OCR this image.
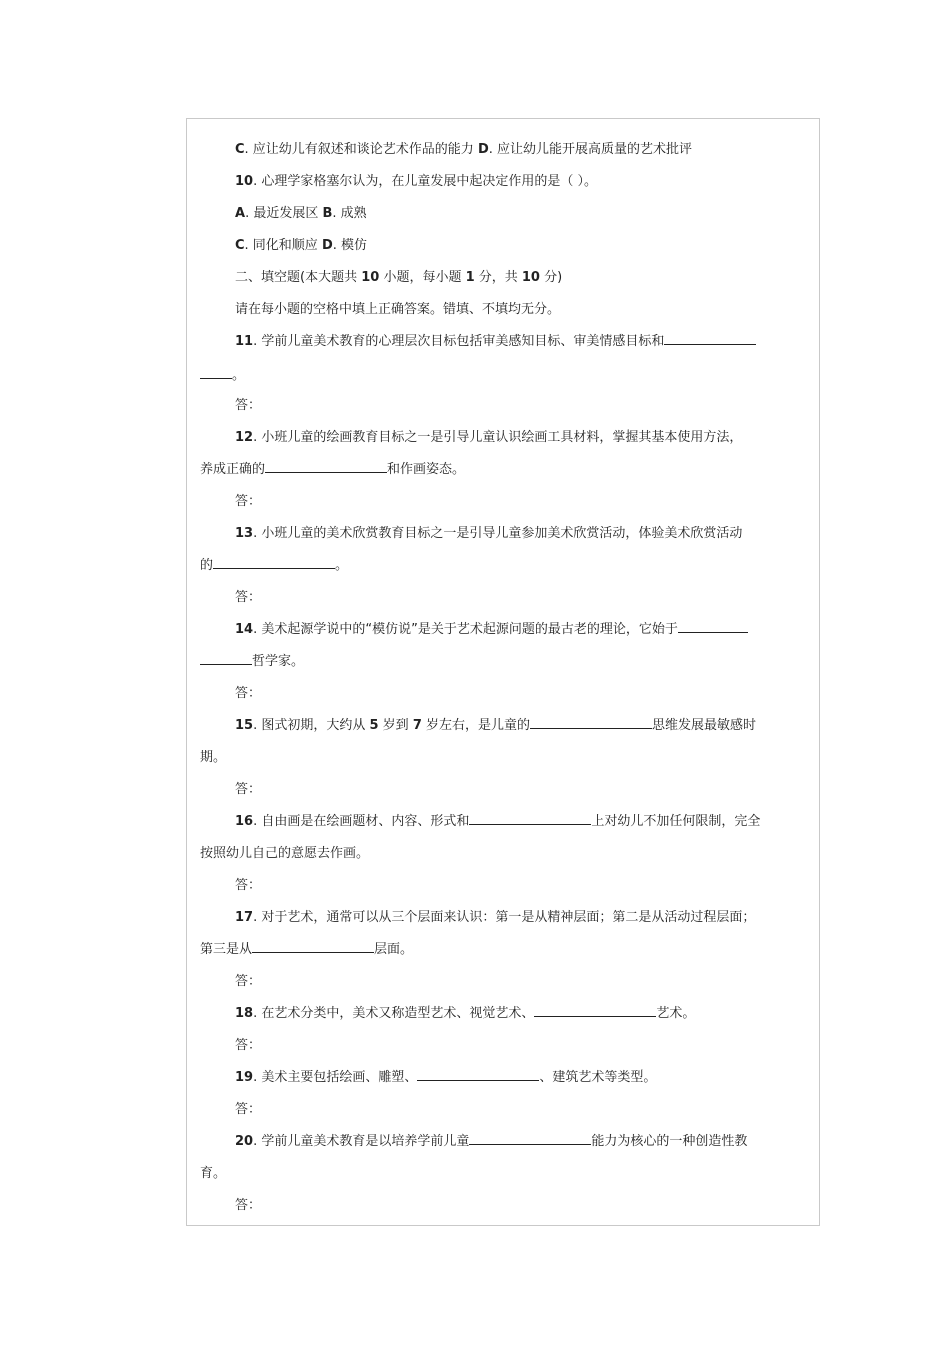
C. 应让幼儿有叙述和谈论艺术作品的能力 D. 应让幼儿能开展高质量的艺术批评
10. 心理学家格塞尔认为，在儿童发展中起决定作用的是（ ）。
A. 最近发展区 B. 成熟
C. 同化和顺应 D. 模仿
二、填空题(本大题共 10 小题，每小题 1 分，共 10 分)
请在每小题的空格中填上正确答案。错填、不填均无分。
11. 学前儿童美术教育的心理层次目标包括审美感知目标、审美情感目标和
。
答：
12. 小班儿童的绘画教育目标之一是引导儿童认识绘画工具材料，掌握其基本使用方法，
养成正确的	和作画姿态。
答：
13. 小班儿童的美术欣赏教育目标之一是引导儿童参加美术欣赏活动，体验美术欣赏活动
的	。
答：
14. 美术起源学说中的“模仿说”是关于艺术起源问题的最古老的理论，它始于
哲学家。
答：
15. 图式初期，大约从 5 岁到 7 岁左右，是儿童的	思维发展最敏感时
期。
答：
16. 自由画是在绘画题材、内容、形式和	上对幼儿不加任何限制，完全
按照幼儿自己的意愿去作画。
答：
17. 对于艺术，通常可以从三个层面来认识：第一是从精神层面；第二是从活动过程层面；
第三是从	层面。
答：
18. 在艺术分类中，美术又称造型艺术、视觉艺术、	艺术。
答：
19. 美术主要包括绘画、雕塑、	、建筑艺术等类型。
答：
20. 学前儿童美术教育是以培养学前儿童	能力为核心的一种创造性教
育。
答：
